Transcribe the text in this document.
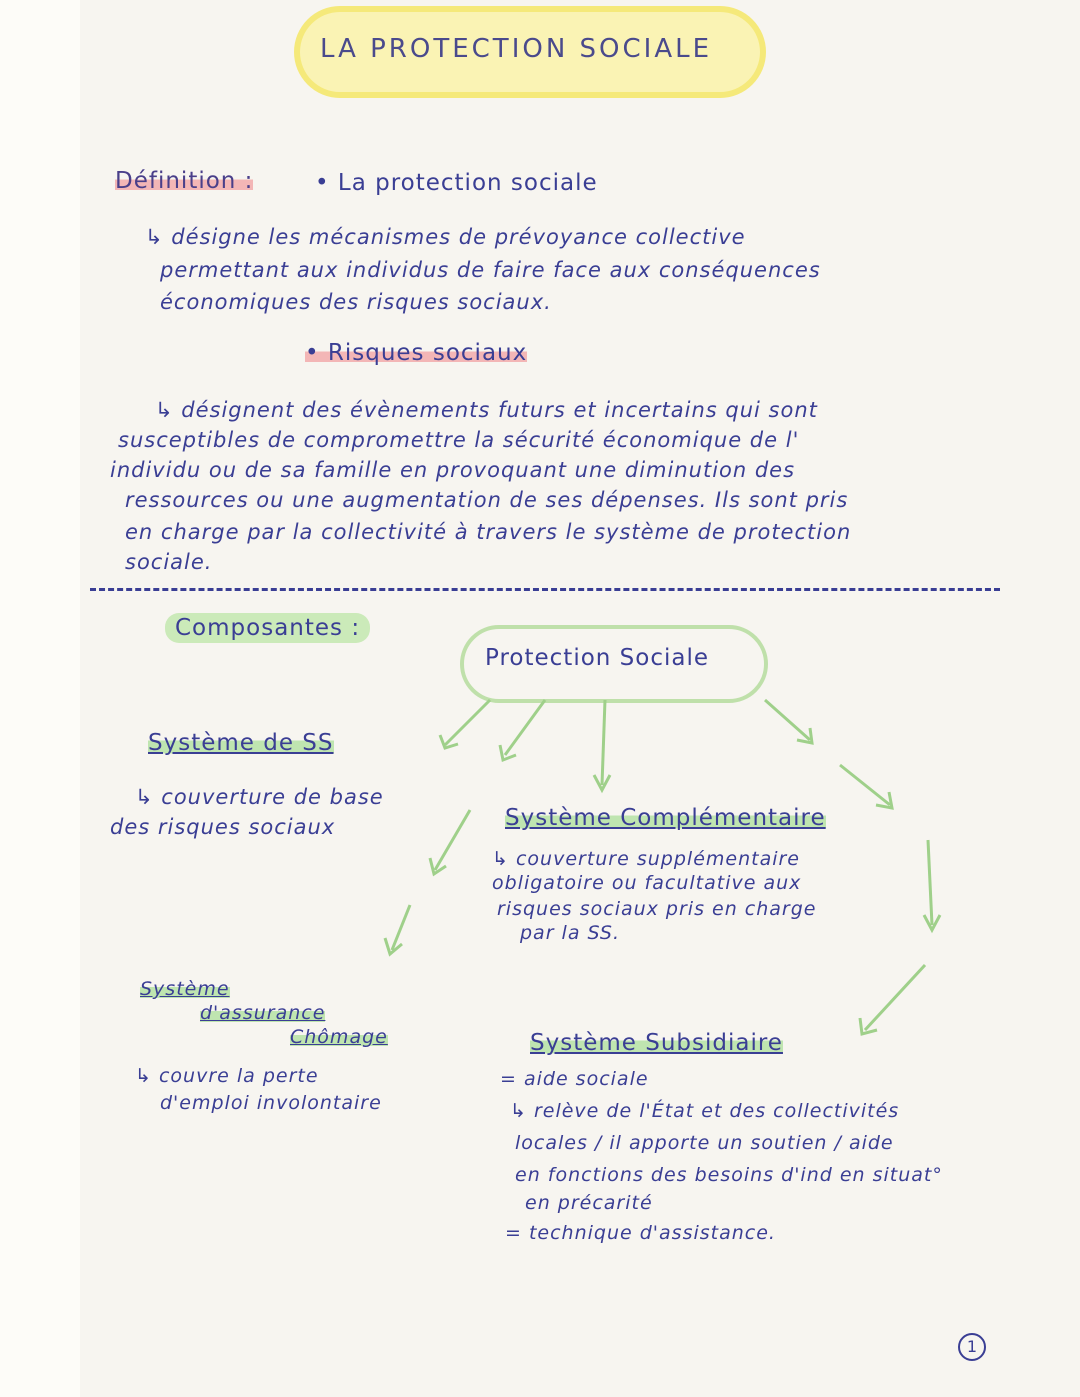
LA PROTECTION SOCIALE
Définition :	• La protection sociale
↳ désigne les mécanismes de prévoyance collective
permettant aux individus de faire face aux conséquences
économiques des risques sociaux.
• Risques sociaux
↳ désignent des évènements futurs et incertains qui sont
susceptibles de compromettre la sécurité économique de l'
individu ou de sa famille en provoquant une diminution des
ressources ou une augmentation de ses dépenses. Ils sont pris
en charge par la collectivité à travers le système de protection
sociale.
Composantes :
Protection Sociale
Système de SS
↳ couverture de base
des risques sociaux	Système Complémentaire
↳ couverture supplémentaire
obligatoire ou facultative aux
risques sociaux pris en charge
par la SS.
Système
d'assurance
Chômage
↳ couvre la perte
d'emploi involontaire
Système Subsidiaire
= aide sociale
↳ relève de l'État et des collectivités
locales / il apporte un soutien / aide
en fonctions des besoins d'ind en situat°
en précarité
= technique d'assistance.
1
